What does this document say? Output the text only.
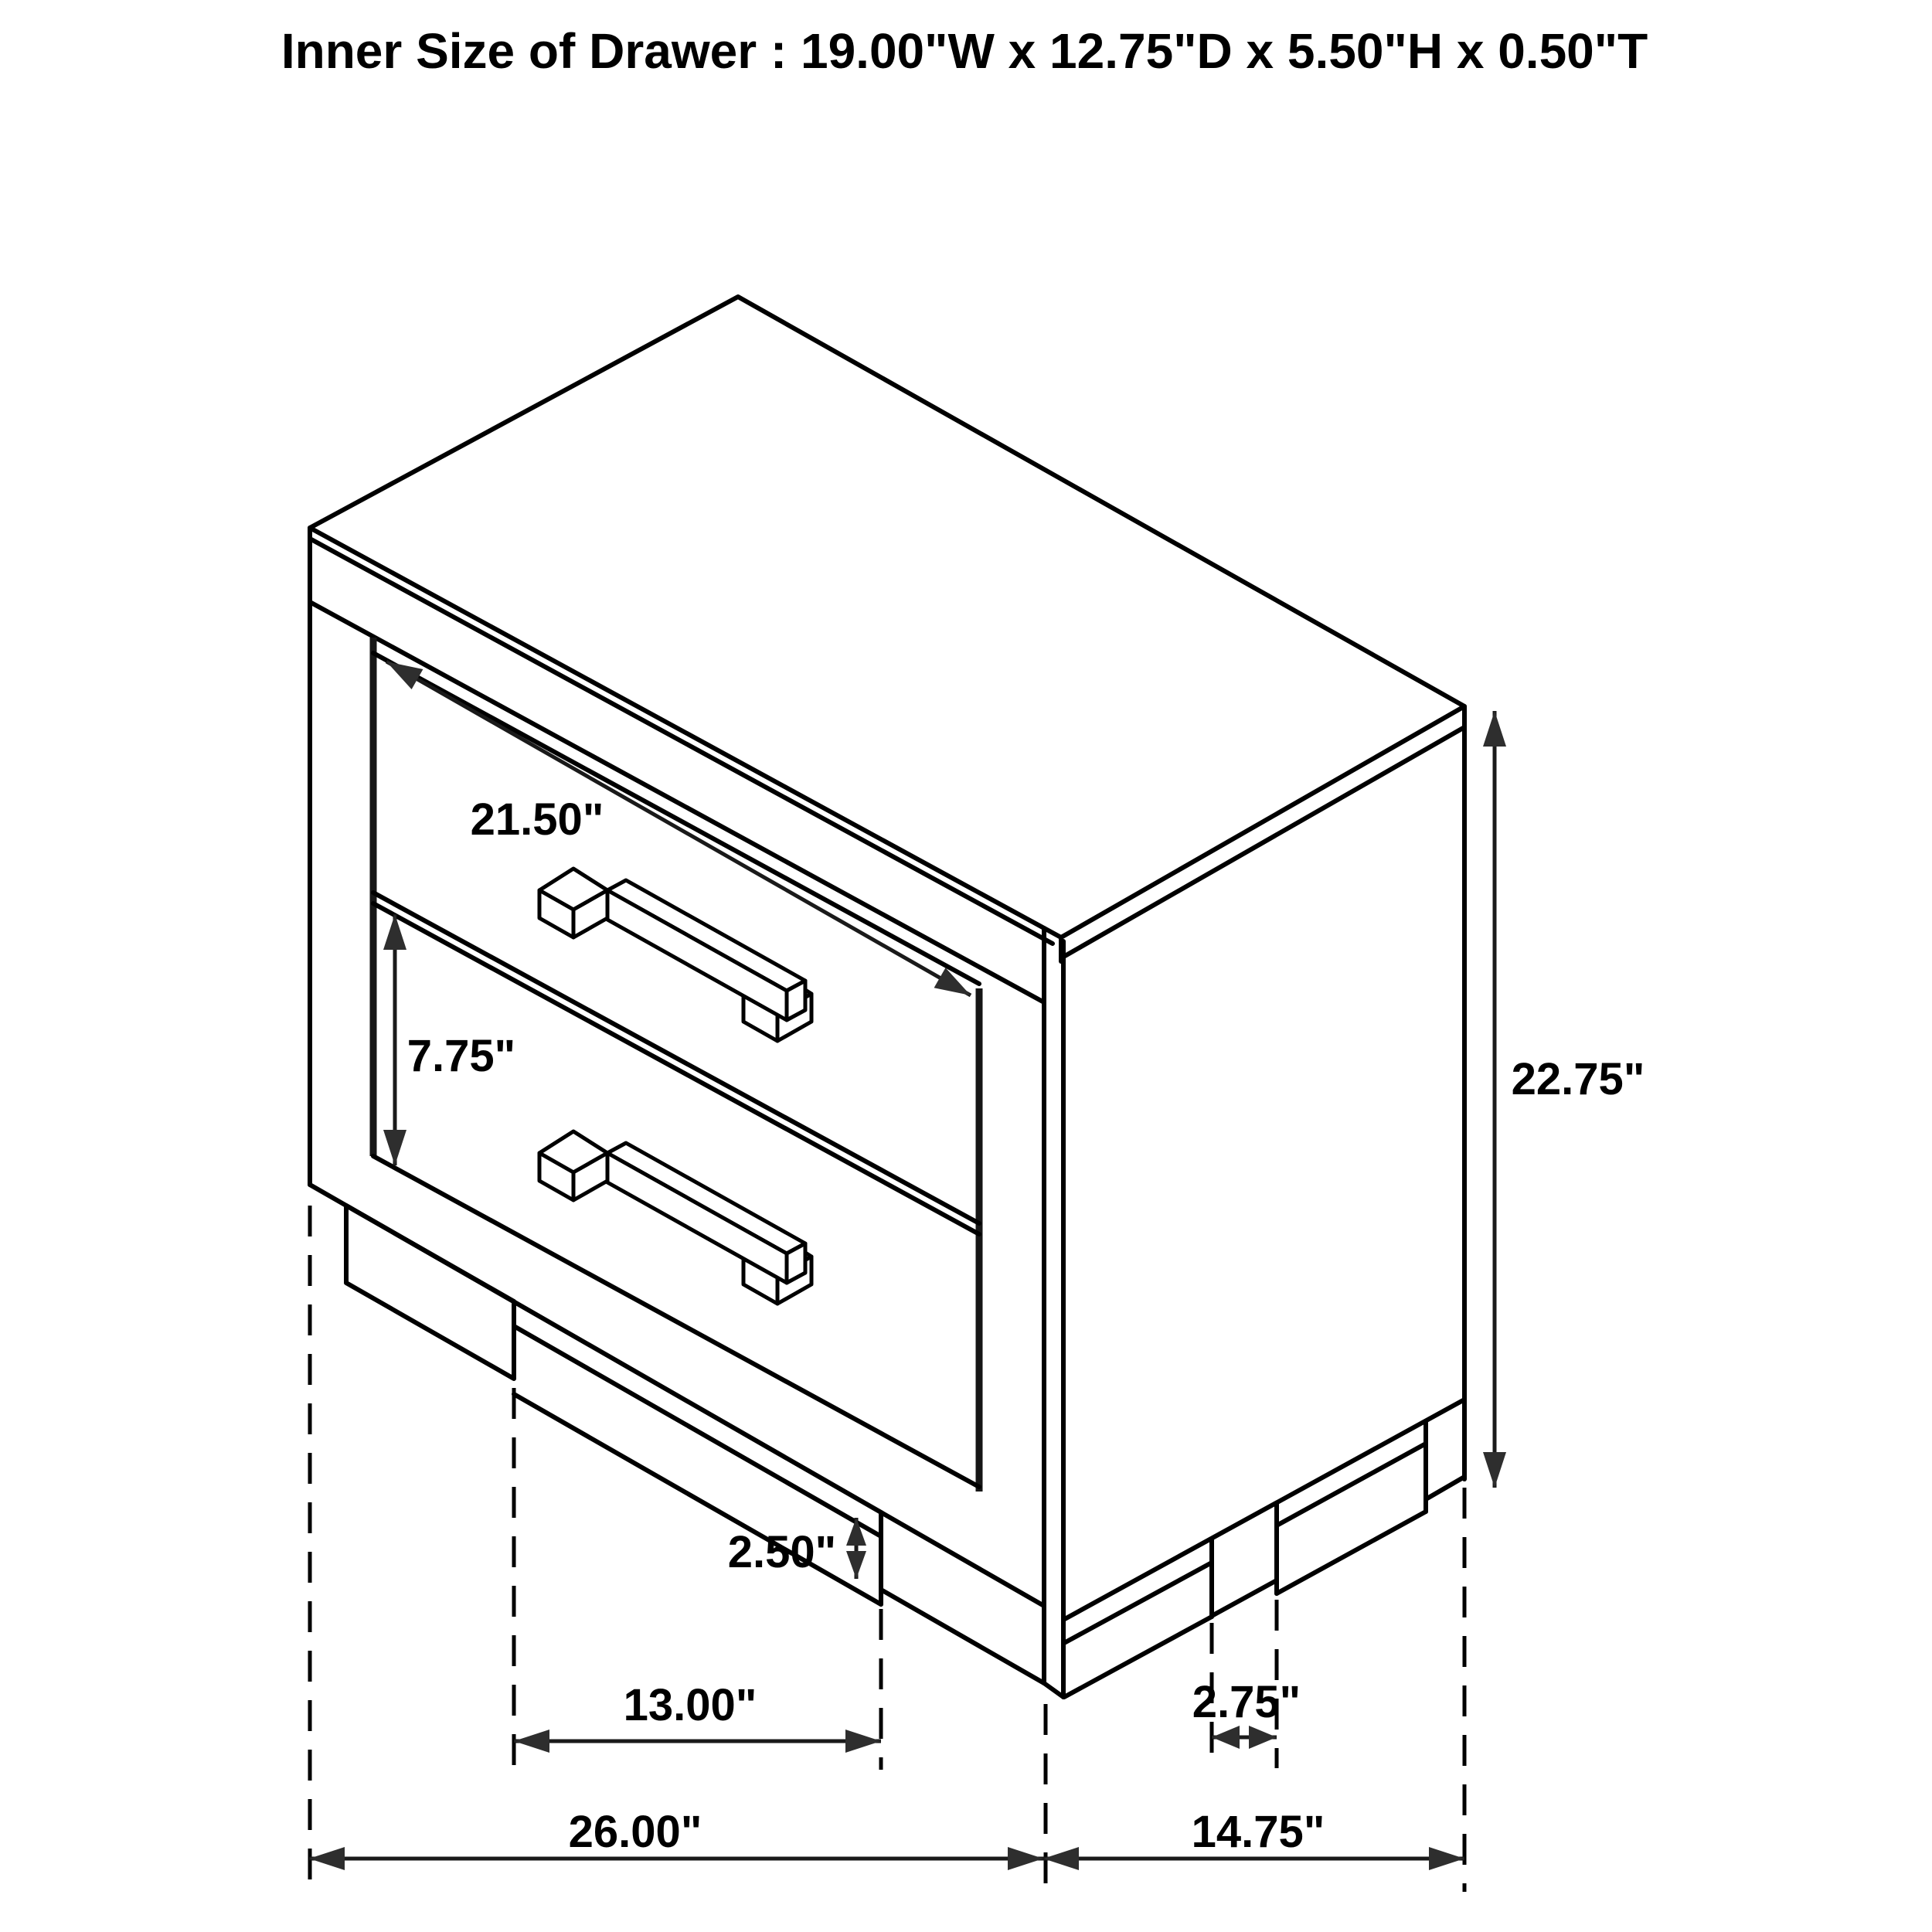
Inner Size of Drawer : 19.00"W x 12.75"D x 5.50"H x 0.50"T
21.50"
7.75"	22.75"
2.50"
13.00"	2.75"
26.00"	14.75"
